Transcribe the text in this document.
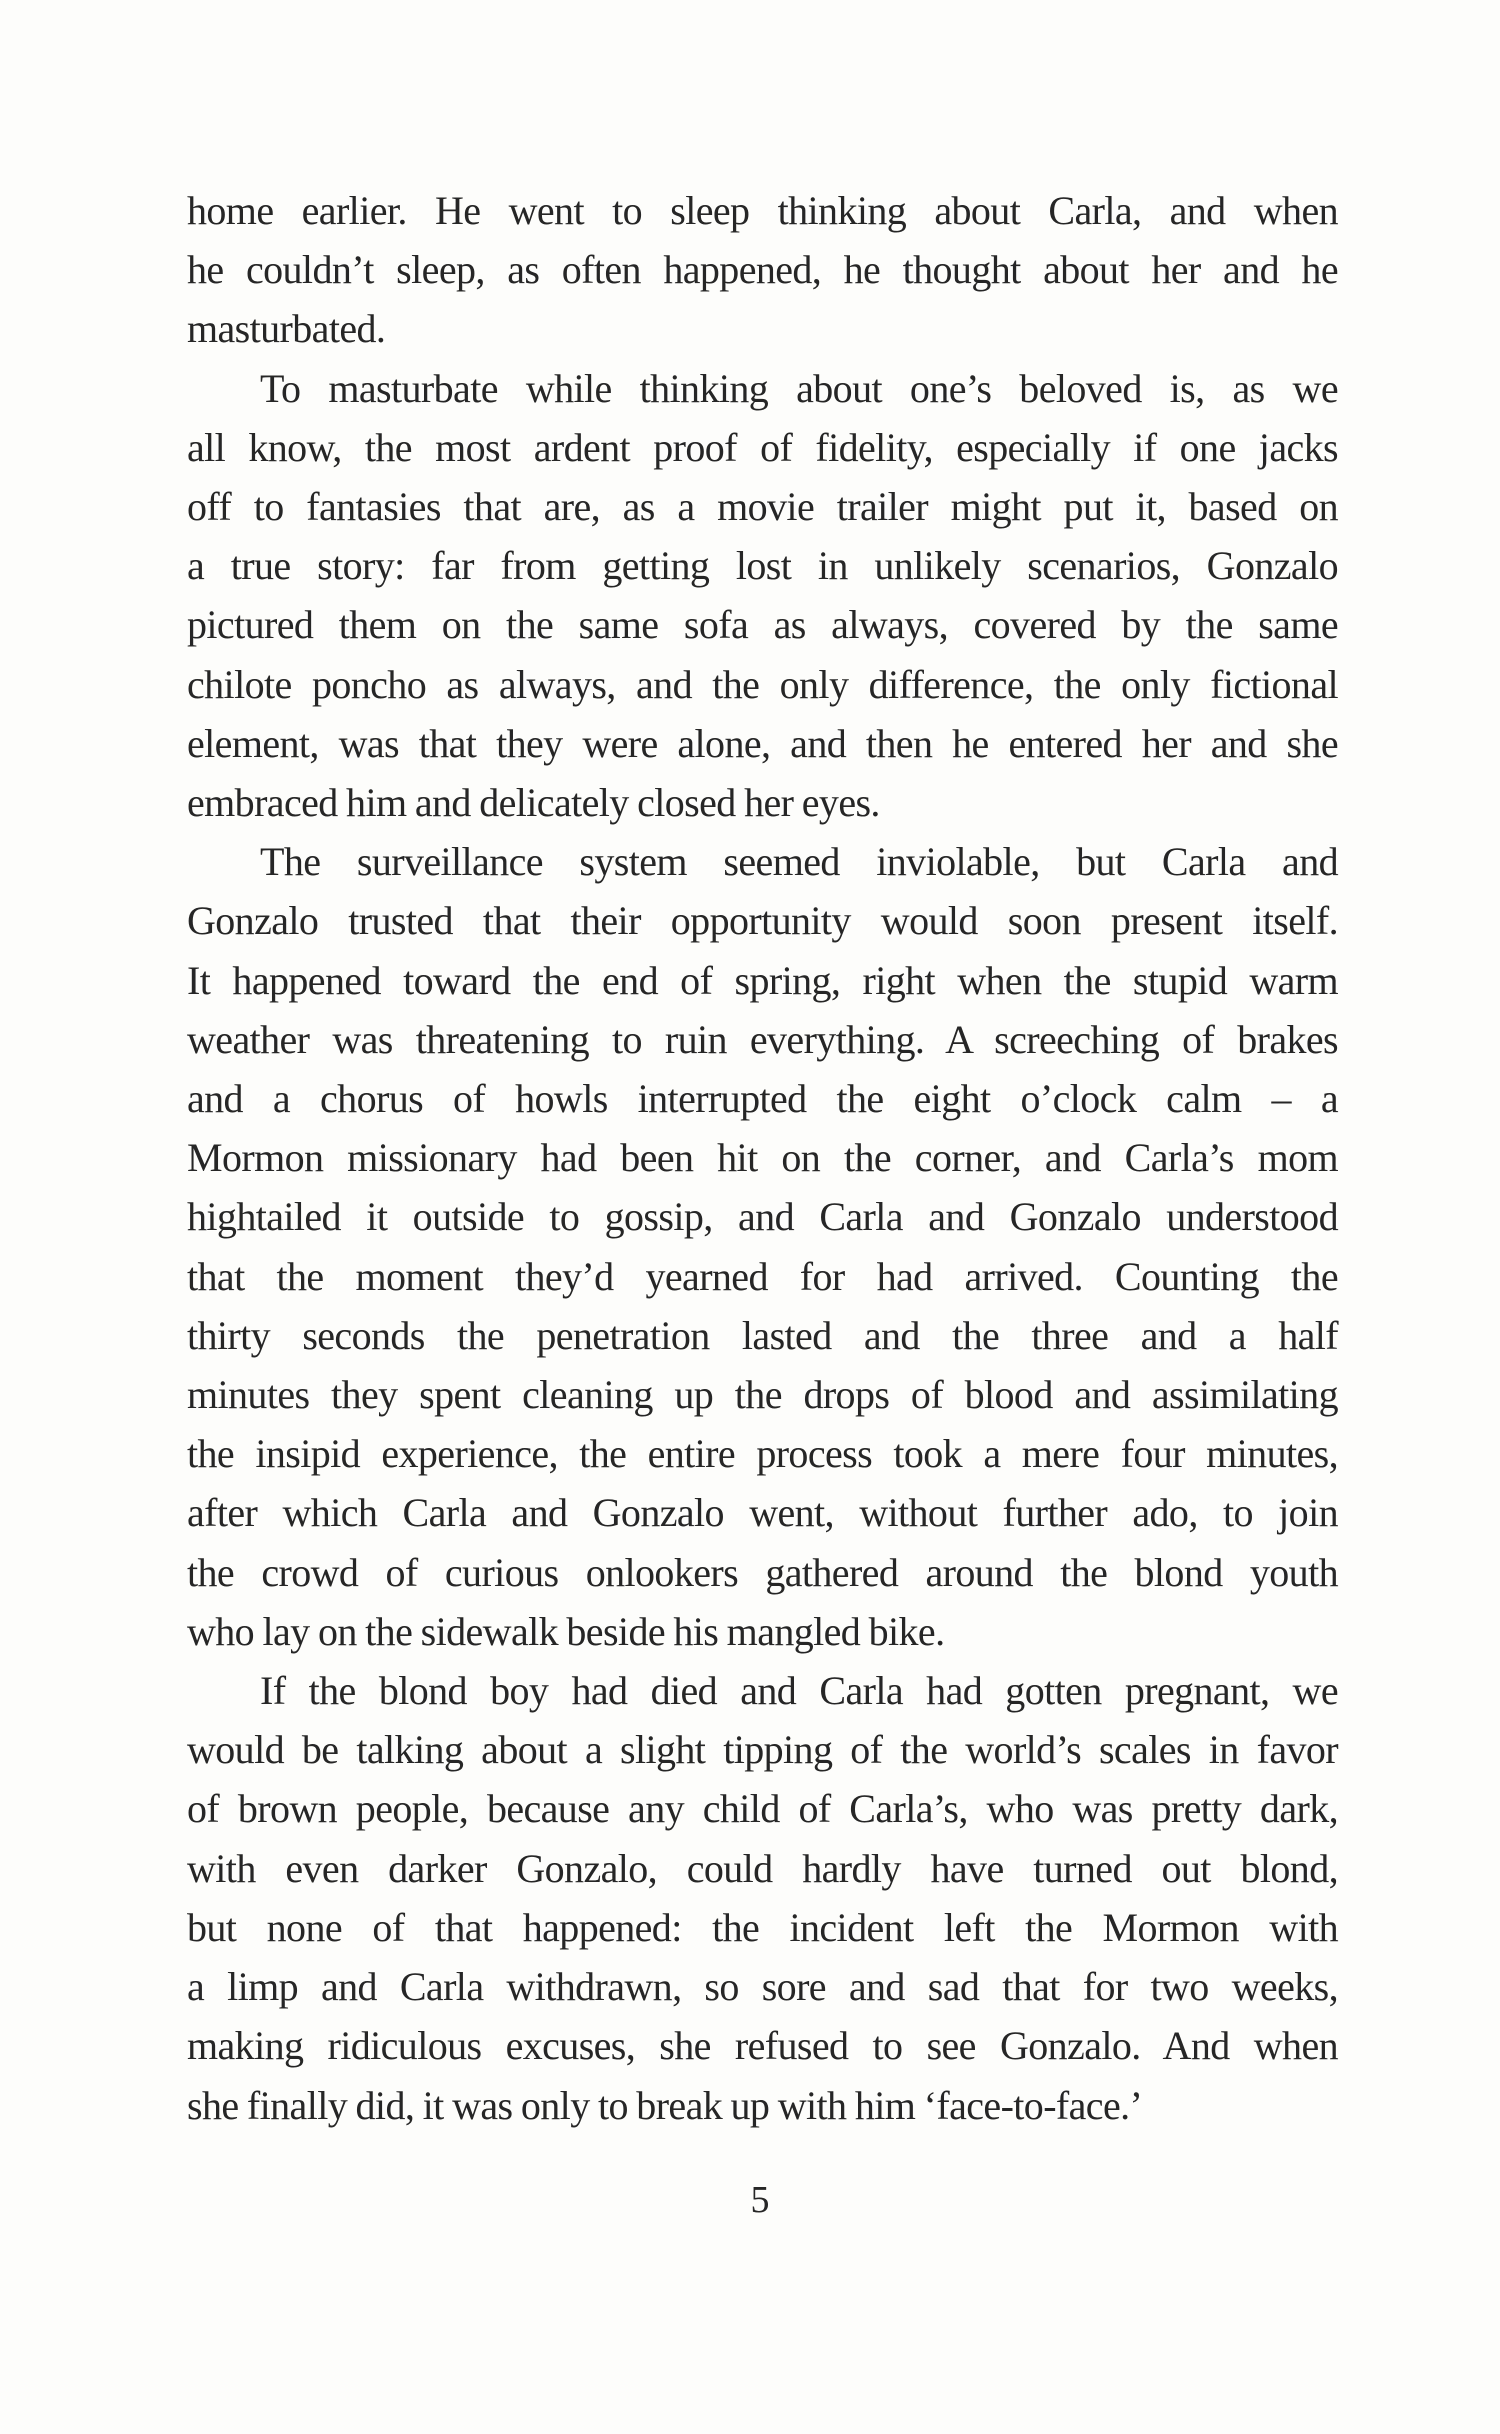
home earlier. He went to sleep thinking about Carla, and when
he couldn’t sleep, as often happened, he thought about her and he
masturbated.

To masturbate while thinking about one’s beloved is, as we
all know, the most ardent proof of fidelity, especially if one jacks
off to fantasies that are, as a movie trailer might put it, based on
a true story: far from getting lost in unlikely scenarios, Gonzalo
pictured them on the same sofa as always, covered by the same
chilote poncho as always, and the only difference, the only fictional
element, was that they were alone, and then he entered her and she
embraced him and delicately closed her eyes.

The surveillance system seemed inviolable, but Carla and
Gonzalo trusted that their opportunity would soon present itself.
It happened toward the end of spring, right when the stupid warm
weather was threatening to ruin everything. A screeching of brakes
and a chorus of howls interrupted the eight o’clock calm – a
Mormon missionary had been hit on the corner, and Carla’s mom
hightailed it outside to gossip, and Carla and Gonzalo understood
that the moment they’d yearned for had arrived. Counting the
thirty seconds the penetration lasted and the three and a half
minutes they spent cleaning up the drops of blood and assimilating
the insipid experience, the entire process took a mere four minutes,
after which Carla and Gonzalo went, without further ado, to join
the crowd of curious onlookers gathered around the blond youth
who lay on the sidewalk beside his mangled bike.

If the blond boy had died and Carla had gotten pregnant, we
would be talking about a slight tipping of the world’s scales in favor
of brown people, because any child of Carla’s, who was pretty dark,
with even darker Gonzalo, could hardly have turned out blond,
but none of that happened: the incident left the Mormon with
a limp and Carla withdrawn, so sore and sad that for two weeks,
making ridiculous excuses, she refused to see Gonzalo. And when
she finally did, it was only to break up with him ‘face-to-face.’

5
